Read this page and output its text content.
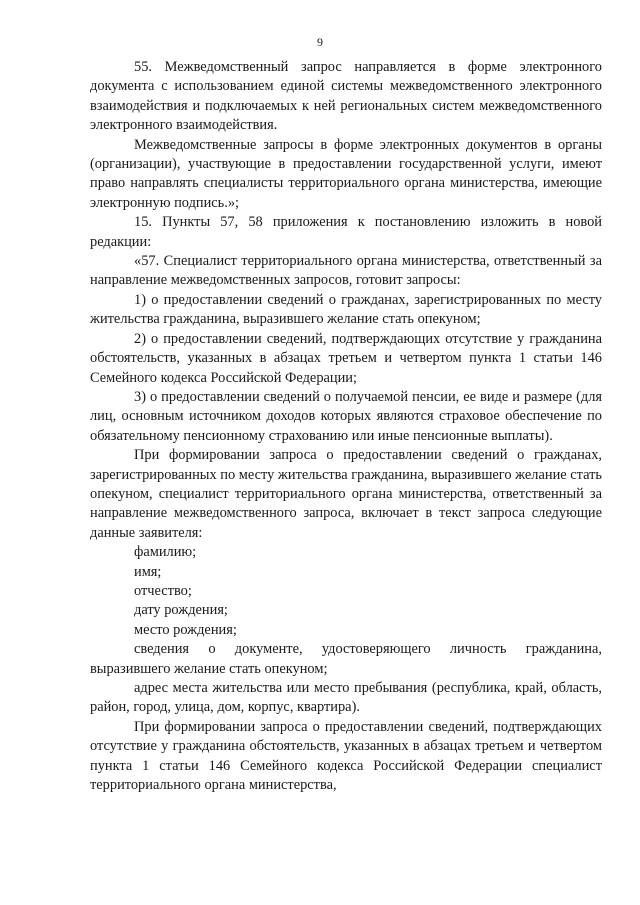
9

55. Межведомственный запрос направляется в форме электронного документа с использованием единой системы межведомственного электронного взаимодействия и подключаемых к ней региональных систем межведомственного электронного взаимодействия.

Межведомственные запросы в форме электронных документов в органы (организации), участвующие в предоставлении государственной услуги, имеют право направлять специалисты территориального органа министерства, имеющие электронную подпись.»;

15. Пункты 57, 58 приложения к постановлению изложить в новой редакции:

«57. Специалист территориального органа министерства, ответственный за направление межведомственных запросов, готовит запросы:

1) о предоставлении сведений о гражданах, зарегистрированных по месту жительства гражданина, выразившего желание стать опекуном;

2) о предоставлении сведений, подтверждающих отсутствие у гражданина обстоятельств, указанных в абзацах третьем и четвертом пункта 1 статьи 146 Семейного кодекса Российской Федерации;

3) о предоставлении сведений о получаемой пенсии, ее виде и размере (для лиц, основным источником доходов которых являются страховое обеспечение по обязательному пенсионному страхованию или иные пенсионные выплаты).

При формировании запроса о предоставлении сведений о гражданах, зарегистрированных по месту жительства гражданина, выразившего желание стать опекуном, специалист территориального органа министерства, ответственный за направление межведомственного запроса, включает в текст запроса следующие данные заявителя:

фамилию;

имя;

отчество;

дату рождения;

место рождения;

сведения о документе, удостоверяющего личность гражданина, выразившего желание стать опекуном;

адрес места жительства или место пребывания (республика, край, область, район, город, улица, дом, корпус, квартира).

При формировании запроса о предоставлении сведений, подтверждающих отсутствие у гражданина обстоятельств, указанных в абзацах третьем и четвертом пункта 1 статьи 146 Семейного кодекса Российской Федерации специалист территориального органа министерства,
